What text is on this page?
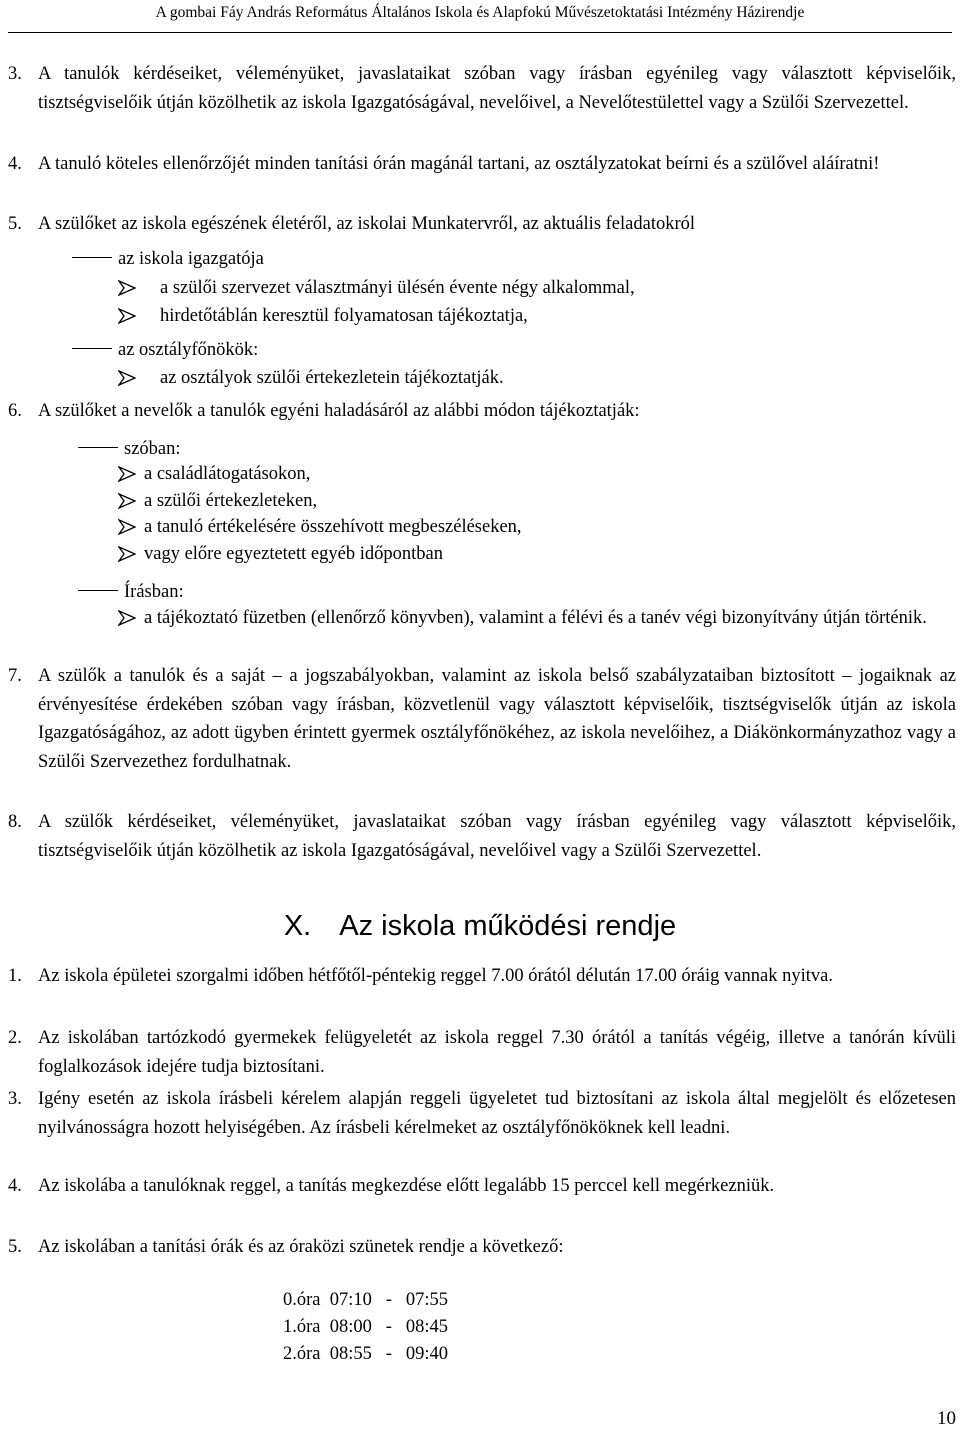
A gombai Fáy András Református Általános Iskola és Alapfokú Művészetoktatási Intézmény Házirendje
3. A tanulók kérdéseiket, véleményüket, javaslataikat szóban vagy írásban egyénileg vagy választott képviselőik, tisztségviselőik útján közölhetik az iskola Igazgatóságával, nevelőivel, a Nevelőtestülettel vagy a Szülői Szervezettel.
4. A tanuló köteles ellenőrzőjét minden tanítási órán magánál tartani, az osztályzatokat beírni és a szülővel aláíratni!
5. A szülőket az iskola egészének életéről, az iskolai Munkatervről, az aktuális feladatokról
az iskola igazgatója
a szülői szervezet választmányi ülésén évente négy alkalommal,
hirdetőtáblán keresztül folyamatosan tájékoztatja,
az osztályfőnökök:
az osztályok szülői értekezletein tájékoztatják.
6. A szülőket a nevelők a tanulók egyéni haladásáról az alábbi módon tájékoztatják:
szóban:
a családlátogatásokon,
a szülői értekezleteken,
a tanuló értékelésére összehívott megbeszéléseken,
vagy előre egyeztetett egyéb időpontban
Írásban:
a tájékoztató füzetben (ellenőrző könyvben), valamint a félévi és a tanév végi bizonyítvány útján történik.
7. A szülők a tanulók és a saját – a jogszabályokban, valamint az iskola belső szabályzataiban biztosított – jogaiknak az érvényesítése érdekében szóban vagy írásban, közvetlenül vagy választott képviselőik, tisztségviselők útján az iskola Igazgatóságához, az adott ügyben érintett gyermek osztályfőnökéhez, az iskola nevelőihez, a Diákönkormányzathoz vagy a Szülői Szervezethez fordulhatnak.
8. A szülők kérdéseiket, véleményüket, javaslataikat szóban vagy írásban egyénileg vagy választott képviselőik, tisztségviselőik útján közölhetik az iskola Igazgatóságával, nevelőivel vagy a Szülői Szervezettel.
X. Az iskola működési rendje
1. Az iskola épületei szorgalmi időben hétfőtől-péntekig reggel 7.00 órától délután 17.00 óráig vannak nyitva.
2. Az iskolában tartózkodó gyermekek felügyeletét az iskola reggel 7.30 órától a tanítás végéig, illetve a tanórán kívüli foglalkozások idejére tudja biztosítani.
3. Igény esetén az iskola írásbeli kérelem alapján reggeli ügyeletet tud biztosítani az iskola által megjelölt és előzetesen nyilvánosságra hozott helyiségében. Az írásbeli kérelmeket az osztályfőnököknek kell leadni.
4. Az iskolába a tanulóknak reggel, a tanítás megkezdése előtt legalább 15 perccel kell megérkezniük.
5. Az iskolában a tanítási órák és az óraközi szünetek rendje a következő:
0.óra 07:10 - 07:55
1.óra 08:00 - 08:45
2.óra 08:55 - 09:40
10
